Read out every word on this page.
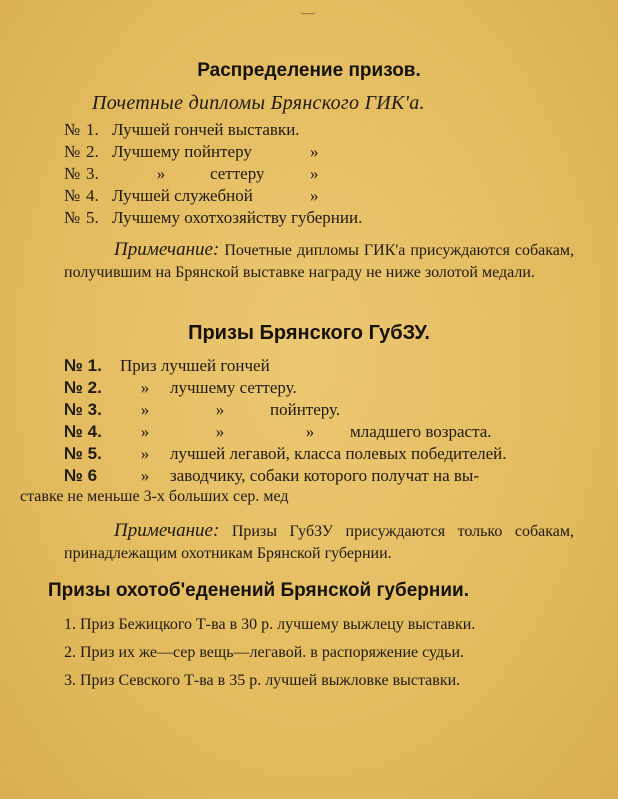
—
Распределение призов.
Почетные дипломы Брянского ГИК'а.
№ 1. Лучшей гончей выставки.
№ 2. Лучшему пойнтеру	»
№ 3.	»	сеттеру	»
№ 4. Лучшей служебной	»
№ 5. Лучшему охотхозяйству губернии.
Примечание: Почетные дипломы ГИК'а присуждаются собакам, получившим на Брянской выставке награду не ниже золотой медали.
Призы Брянского ГубЗУ.
№ 1.	Приз лучшей гончей
№ 2.	»	лучшему сеттеру.
№ 3.	»	»	пойнтеру.
№ 4.	»	»	»	младшего возраста.
№ 5.	»	лучшей легавой, класса полевых победителей.
№ 6	»	заводчику, собаки которого получат на вы-
ставке не меньше 3-х больших сер. мед
Примечание: Призы ГубЗУ присуждаются только собакам, принадлежащим охотникам Брянской губернии.
Призы охотоб'еденений Брянской губернии.

1. Приз Бежицкого Т-ва в 30 р. лучшему выжлецу выставки.

2. Приз их же—сер вещь—легавой. в распоряжение судьи.

3. Приз Севского Т-ва в 35 р. лучшей выжловке выставки.
